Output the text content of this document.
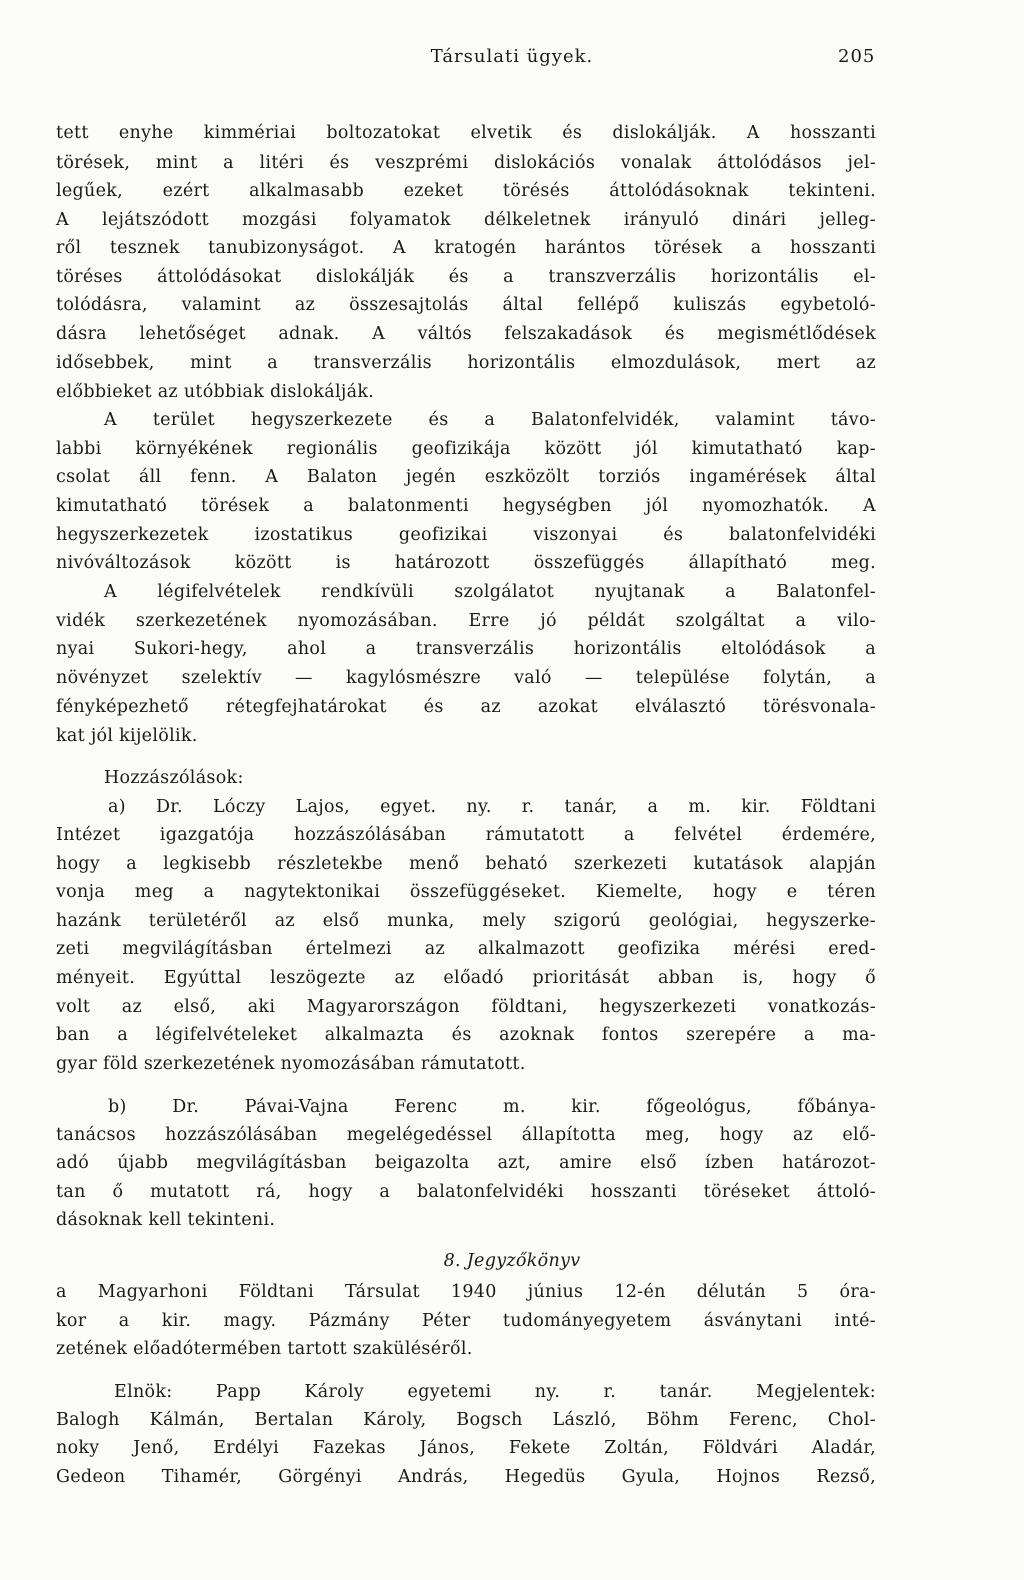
Társulati ügyek.	205
tett enyhe kimmériai boltozatokat elvetik és dislokálják. A hosszanti
törések, mint a litéri és veszprémi dislokációs vonalak áttolódásos jel-
legűek, ezért alkalmasabb ezeket törésés áttolódásoknak tekinteni.
A lejátszódott mozgási folyamatok délkeletnek irányuló dinári jelleg-
ről tesznek tanubizonyságot. A kratogén harántos törések a hosszanti
töréses áttolódásokat dislokálják és a transzverzális horizontális el-
tolódásra, valamint az összesajtolás által fellépő kuliszás egybetoló-
dásra lehetőséget adnak. A váltós felszakadások és megismétlődések
idősebbek, mint a transverzális horizontális elmozdulások, mert az
előbbieket az utóbbiak dislokálják.
A terület hegyszerkezete és a Balatonfelvidék, valamint távo-
labbi környékének regionális geofizikája között jól kimutatható kap-
csolat áll fenn. A Balaton jegén eszközölt torziós ingamérések által
kimutatható törések a balatonmenti hegységben jól nyomozhatók. A
hegyszerkezetek izostatikus geofizikai viszonyai és balatonfelvidéki
nivóváltozások között is határozott összefüggés állapítható meg.
A légifelvételek rendkívüli szolgálatot nyujtanak a Balatonfel-
vidék szerkezetének nyomozásában. Erre jó példát szolgáltat a vilo-
nyai Sukori-hegy, ahol a transverzális horizontális eltolódások a
növényzet szelektív — kagylósmészre való — települése folytán, a
fényképezhető rétegfejhatárokat és az azokat elválasztó törésvonala-
kat jól kijelölik.
Hozzászólások:
a) Dr. Lóczy Lajos, egyet. ny. r. tanár, a m. kir. Földtani
Intézet igazgatója hozzászólásában rámutatott a felvétel érdemére,
hogy a legkisebb részletekbe menő beható szerkezeti kutatások alapján
vonja meg a nagytektonikai összefüggéseket. Kiemelte, hogy e téren
hazánk területéről az első munka, mely szigorú geológiai, hegyszerke-
zeti megvilágításban értelmezi az alkalmazott geofizika mérési ered-
ményeit. Egyúttal leszögezte az előadó prioritását abban is, hogy ő
volt az első, aki Magyarországon földtani, hegyszerkezeti vonatkozás-
ban a légifelvételeket alkalmazta és azoknak fontos szerepére a ma-
gyar föld szerkezetének nyomozásában rámutatott.
b) Dr. Pávai-Vajna Ferenc m. kir. főgeológus, főbánya-
tanácsos hozzászólásában megelégedéssel állapította meg, hogy az elő-
adó újabb megvilágításban beigazolta azt, amire első ízben határozot-
tan ő mutatott rá, hogy a balatonfelvidéki hosszanti töréseket áttoló-
dásoknak kell tekinteni.
8. Jegyzőkönyv
a Magyarhoni Földtani Társulat 1940 június 12-én délután 5 óra-
kor a kir. magy. Pázmány Péter tudományegyetem ásványtani inté-
zetének előadótermében tartott szaküléséről.
Elnök: Papp Károly egyetemi ny. r. tanár. Megjelentek:
Balogh Kálmán, Bertalan Károly, Bogsch László, Böhm Ferenc, Chol-
noky Jenő, Erdélyi Fazekas János, Fekete Zoltán, Földvári Aladár,
Gedeon Tihamér, Görgényi András, Hegedüs Gyula, Hojnos Rezső,
